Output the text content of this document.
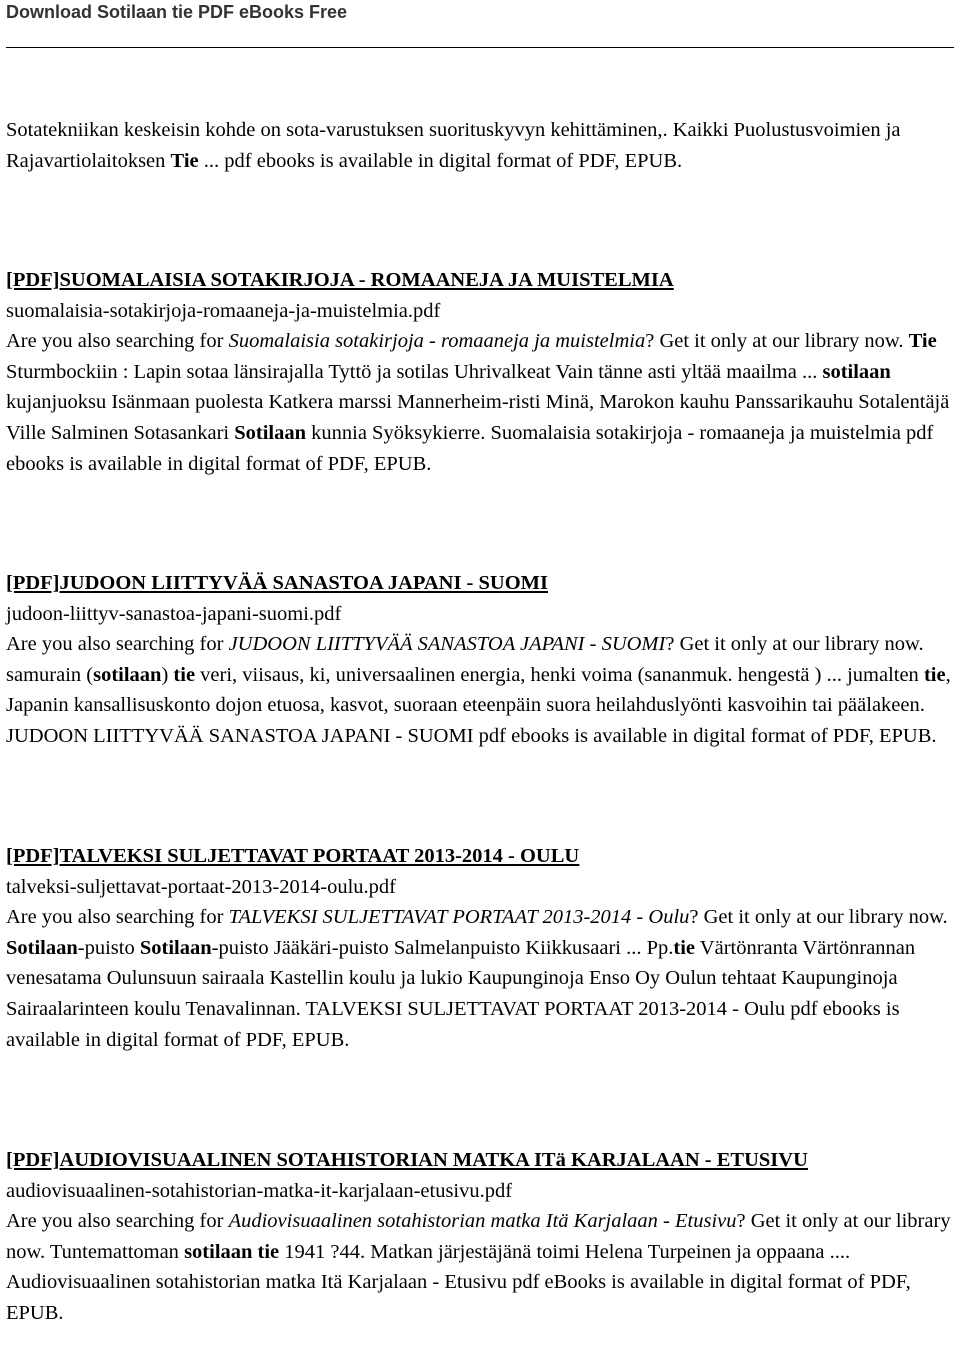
Download Sotilaan tie PDF eBooks Free
Sotatekniikan keskeisin kohde on sota-varustuksen suorituskyvyn kehittäminen,. Kaikki Puolustusvoimien ja Rajavartiolaitoksen Tie ... pdf ebooks is available in digital format of PDF, EPUB.
[PDF]SUOMALAISIA SOTAKIRJOJA - ROMAANEJA JA MUISTELMIA

suomalaisia-sotakirjoja-romaaneja-ja-muistelmia.pdf

Are you also searching for Suomalaisia sotakirjoja - romaaneja ja muistelmia? Get it only at our library now. Tie Sturmbockiin : Lapin sotaa länsirajalla Tyttö ja sotilas Uhrivalkeat Vain tänne asti yltää maailma ... sotilaan kujanjuoksu Isänmaan puolesta Katkera marssi Mannerheim-risti Minä, Marokon kauhu Panssarikauhu Sotalentäjä Ville Salminen Sotasankari Sotilaan kunnia Syöksykierre. Suomalaisia sotakirjoja - romaaneja ja muistelmia pdf ebooks is available in digital format of PDF, EPUB.

[PDF]JUDOON LIITTYVÄÄ SANASTOA JAPANI - SUOMI

judoon-liittyv-sanastoa-japani-suomi.pdf

Are you also searching for JUDOON LIITTYVÄÄ SANASTOA JAPANI - SUOMI? Get it only at our library now. samurain (sotilaan) tie veri, viisaus, ki, universaalinen energia, henki voima (sananmuk. hengestä ) ... jumalten tie, Japanin kansallisuskonto dojon etuosa, kasvot, suoraan eteenpäin suora heilahduslyönti kasvoihin tai päälakeen. JUDOON LIITTYVÄÄ SANASTOA JAPANI - SUOMI pdf ebooks is available in digital format of PDF, EPUB.

[PDF]TALVEKSI SULJETTAVAT PORTAAT 2013-2014 - OULU

talveksi-suljettavat-portaat-2013-2014-oulu.pdf

Are you also searching for TALVEKSI SULJETTAVAT PORTAAT 2013-2014 - Oulu? Get it only at our library now. Sotilaan-puisto Sotilaan-puisto Jääkäri-puisto Salmelanpuisto Kiikkusaari ... Pp.tie Värtönranta Värtönrannan venesatama Oulunsuun sairaala Kastellin koulu ja lukio Kaupunginoja Enso Oy Oulun tehtaat Kaupunginoja Sairaalarinteen koulu Tenavalinnan. TALVEKSI SULJETTAVAT PORTAAT 2013-2014 - Oulu pdf ebooks is available in digital format of PDF, EPUB.

[PDF]AUDIOVISUAALINEN SOTAHISTORIAN MATKA ITä KARJALAAN - ETUSIVU

audiovisuaalinen-sotahistorian-matka-it-karjalaan-etusivu.pdf

Are you also searching for Audiovisuaalinen sotahistorian matka Itä Karjalaan - Etusivu? Get it only at our library now. Tuntemattoman sotilaan tie 1941 ?44. Matkan järjestäjänä toimi Helena Turpeinen ja oppaana .... Audiovisuaalinen sotahistorian matka Itä Karjalaan - Etusivu pdf eBooks is available in digital format of PDF, EPUB.
